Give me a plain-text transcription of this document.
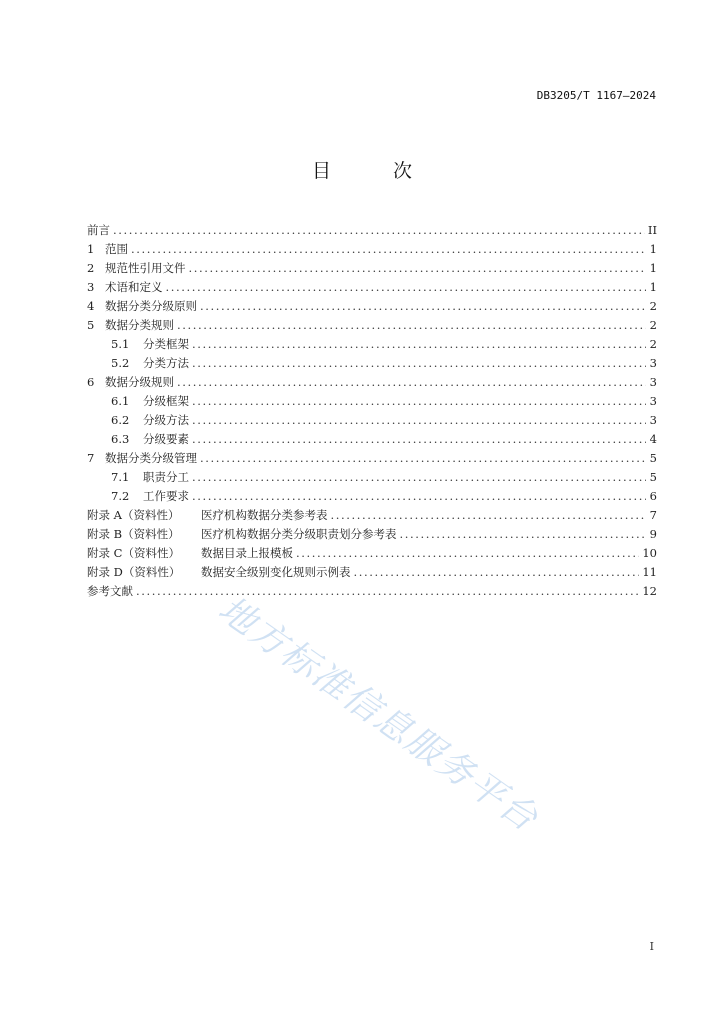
DB3205/T 1167—2024
目 次
前言 .....	II
1 范围 .....	1
2 规范性引用文件 .....	1
3 术语和定义 .....	1
4 数据分类分级原则 .....	2
5 数据分类规则 .....	2
5.1	分类框架 .....	2
5.2	分类方法 .....	3
6 数据分级规则 .....	3
6.1	分级框架 .....	3
6.2	分级方法 .....	3
6.3	分级要素 .....	4
7 数据分类分级管理 .....	5
7.1	职责分工 .....	5
7.2	工作要求 .....	6
附录 A（资料性） 医疗机构数据分类参考表 .....	7
附录 B（资料性） 医疗机构数据分类分级职责划分参考表 .....	9
附录 C（资料性） 数据目录上报模板 .....	10
附录 D（资料性） 数据安全级别变化规则示例表 .....	11
参考文献 .....	12
地方标准信息服务平台
I
